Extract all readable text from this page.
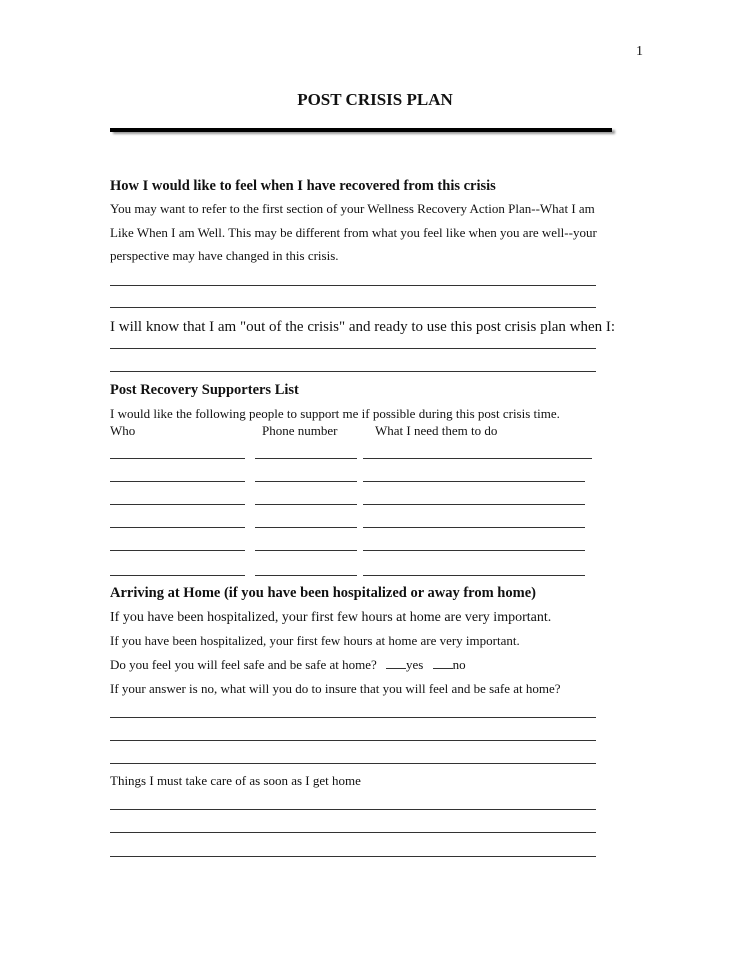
1
POST CRISIS PLAN
How I would like to feel when I have recovered from this crisis
You may want to refer to the first section of your Wellness Recovery Action Plan--What I am
Like When I am Well. This may be different from what you feel like when you are well--your
perspective may have changed in this crisis.
I will know that I am "out of the crisis" and ready to use this post crisis plan when I:
Post Recovery Supporters List
I would like the following people to support me if possible during this post crisis time.
Who	Phone number	What I need them to do
Arriving at Home (if you have been hospitalized or away from home)
If you have been hospitalized, your first few hours at home are very important.
If you have been hospitalized, your first few hours at home are very important.
Do you feel you will feel safe and be safe at home? yes no
If your answer is no, what will you do to insure that you will feel and be safe at home?
Things I must take care of as soon as I get home
